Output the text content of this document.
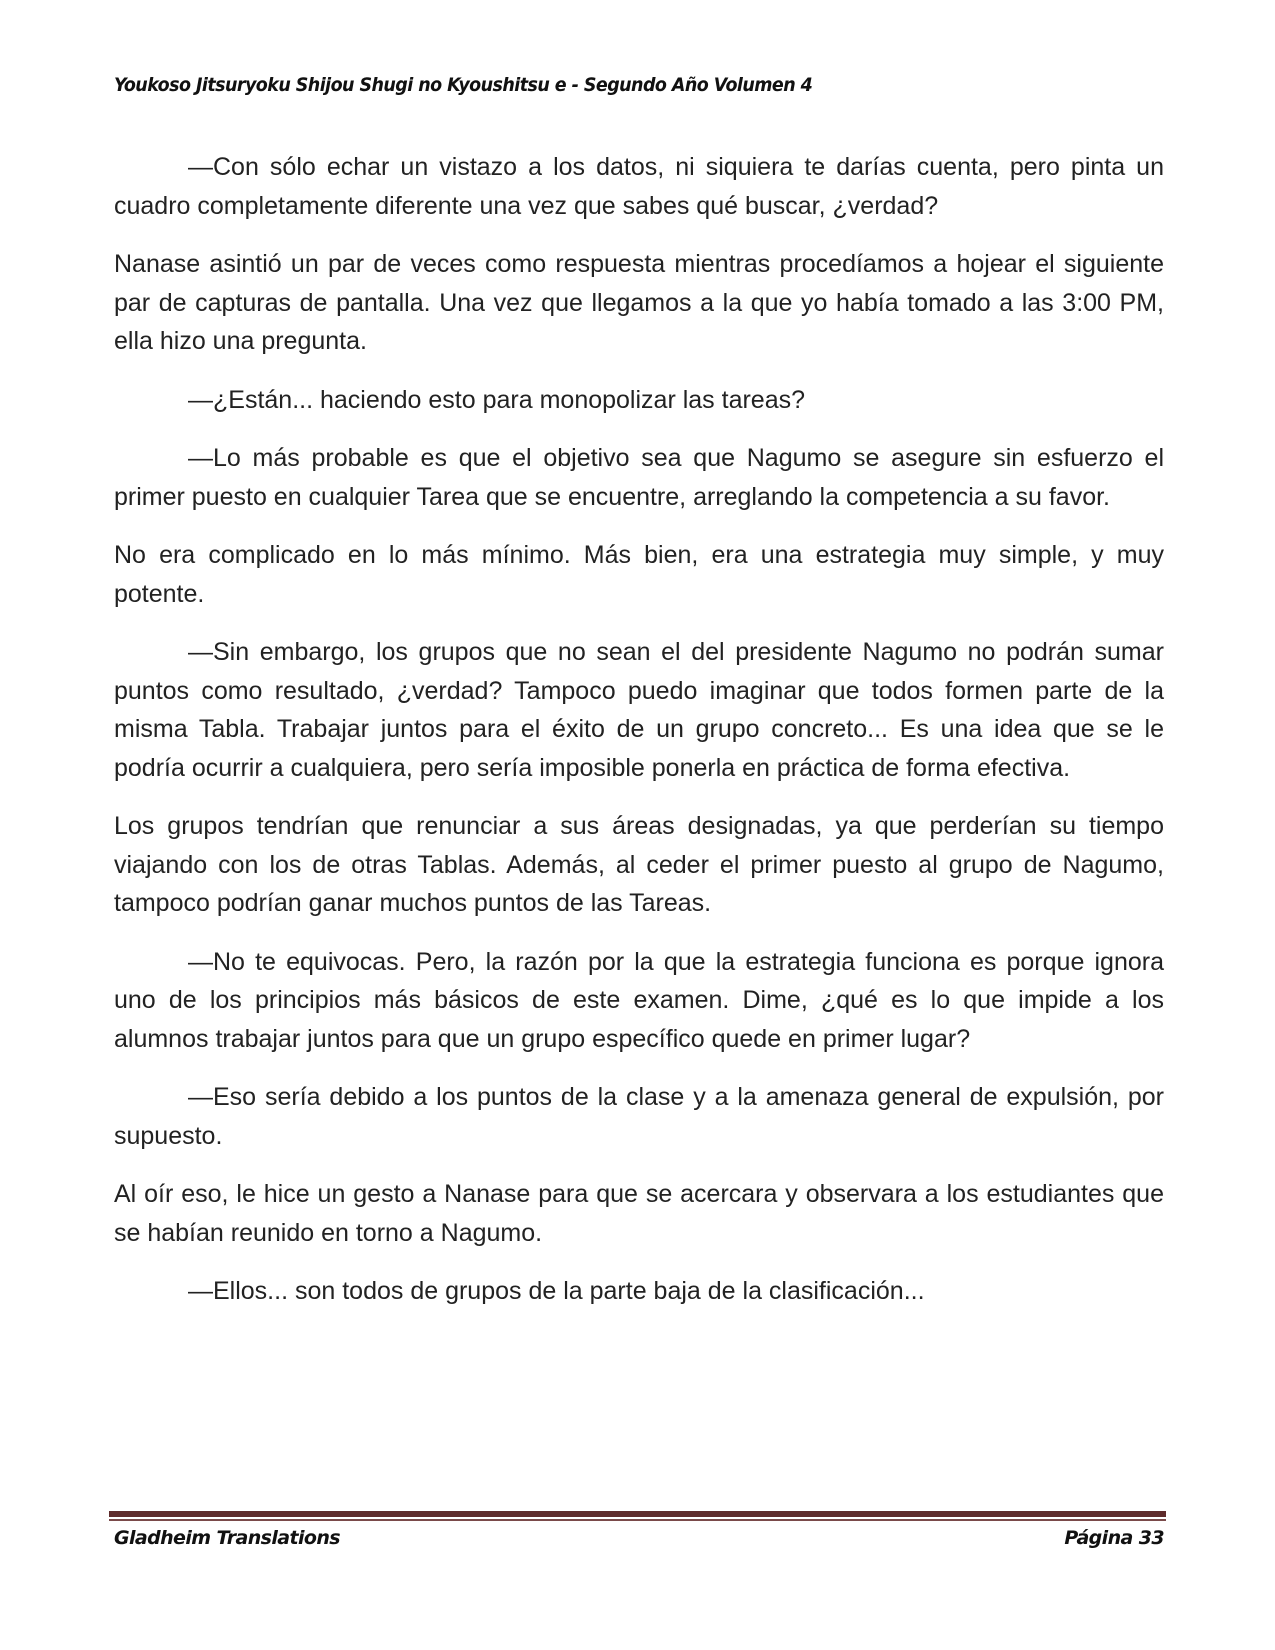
Youkoso Jitsuryoku Shijou Shugi no Kyoushitsu e - Segundo Año Volumen 4

—Con sólo echar un vistazo a los datos, ni siquiera te darías cuenta, pero pinta un cuadro completamente diferente una vez que sabes qué buscar, ¿verdad?

Nanase asintió un par de veces como respuesta mientras procedíamos a hojear el siguiente par de capturas de pantalla. Una vez que llegamos a la que yo había tomado a las 3:00 PM, ella hizo una pregunta.

—¿Están... haciendo esto para monopolizar las tareas?

—Lo más probable es que el objetivo sea que Nagumo se asegure sin esfuerzo el primer puesto en cualquier Tarea que se encuentre, arreglando la competencia a su favor.

No era complicado en lo más mínimo. Más bien, era una estrategia muy simple, y muy potente.

—Sin embargo, los grupos que no sean el del presidente Nagumo no podrán sumar puntos como resultado, ¿verdad? Tampoco puedo imaginar que todos formen parte de la misma Tabla. Trabajar juntos para el éxito de un grupo concreto... Es una idea que se le podría ocurrir a cualquiera, pero sería imposible ponerla en práctica de forma efectiva.

Los grupos tendrían que renunciar a sus áreas designadas, ya que perderían su tiempo viajando con los de otras Tablas. Además, al ceder el primer puesto al grupo de Nagumo, tampoco podrían ganar muchos puntos de las Tareas.

—No te equivocas. Pero, la razón por la que la estrategia funciona es porque ignora uno de los principios más básicos de este examen. Dime, ¿qué es lo que impide a los alumnos trabajar juntos para que un grupo específico quede en primer lugar?

—Eso sería debido a los puntos de la clase y a la amenaza general de expulsión, por supuesto.

Al oír eso, le hice un gesto a Nanase para que se acercara y observara a los estudiantes que se habían reunido en torno a Nagumo.

—Ellos... son todos de grupos de la parte baja de la clasificación...

Gladheim Translations	Página 33
